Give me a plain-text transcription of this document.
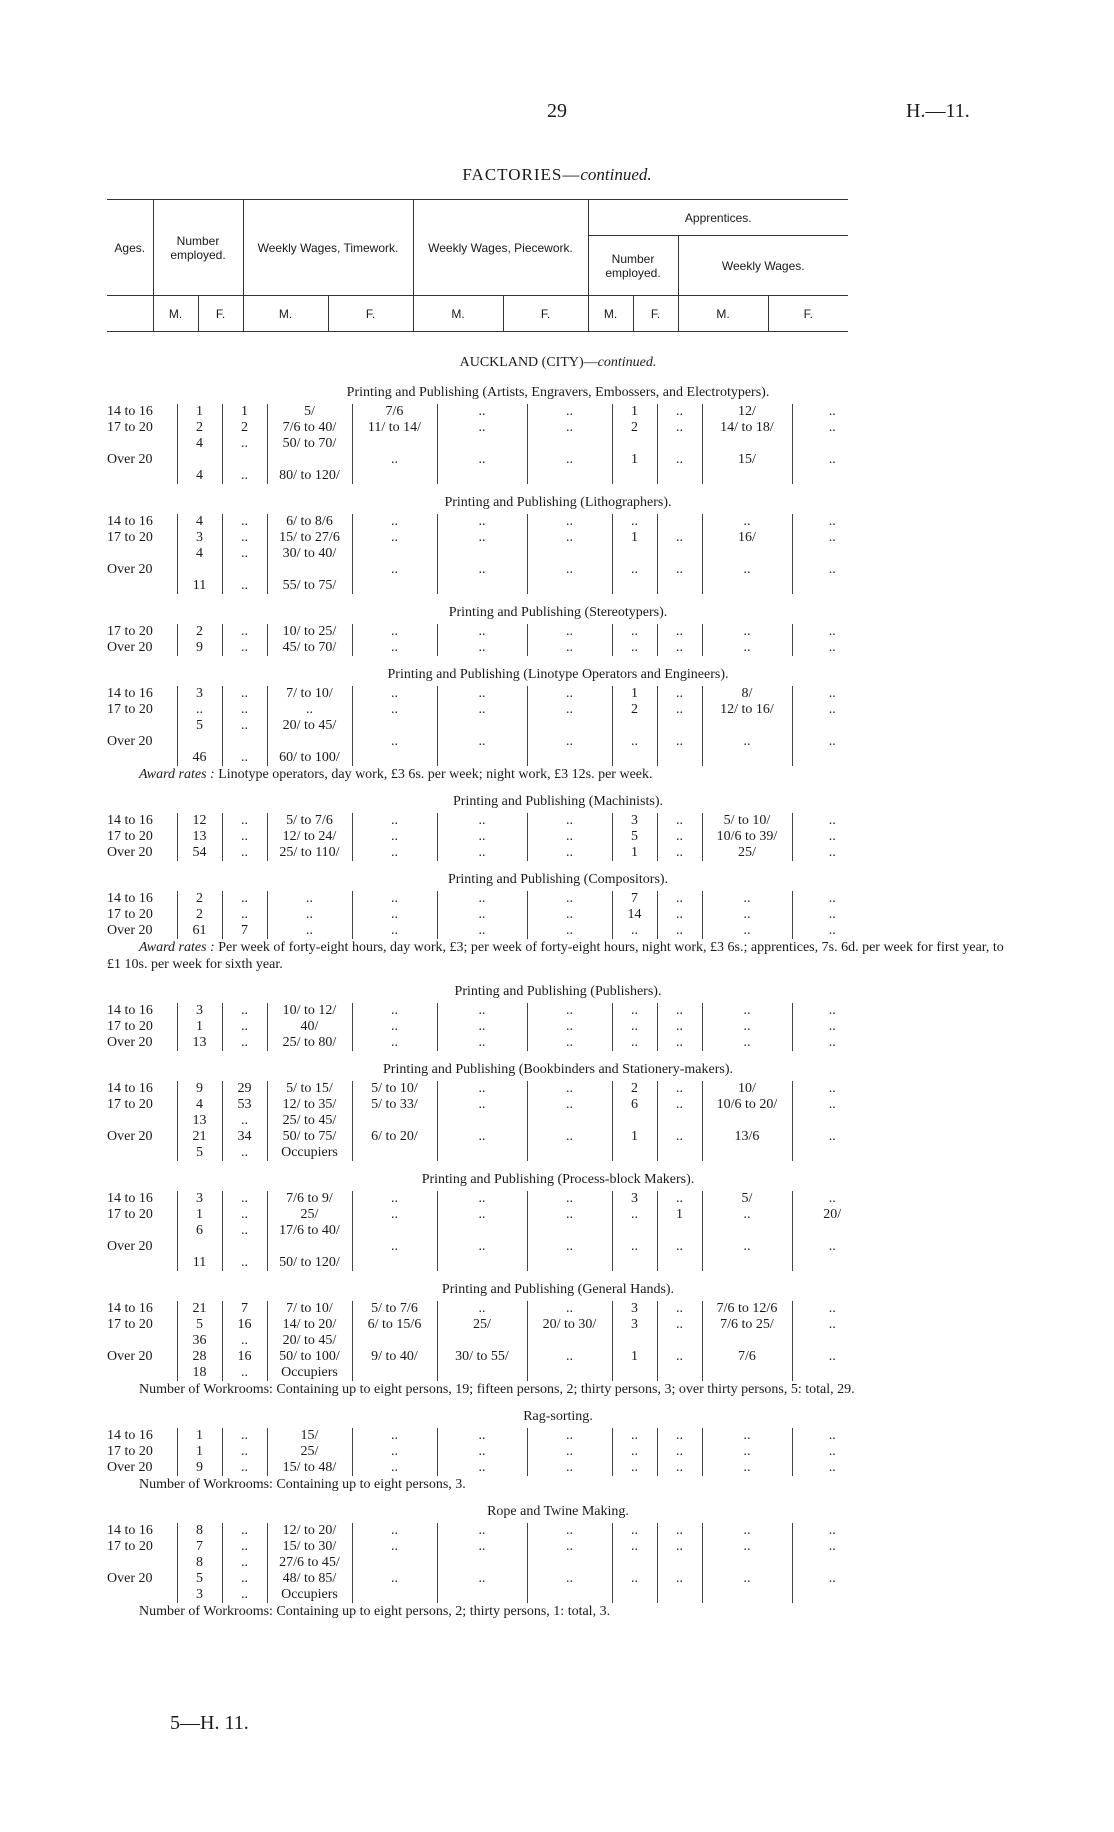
29	H.—11.
FACTORIES—continued.
Ages.	Number employed.		Weekly Wages, Timework.		Weekly Wages, Piecework.		Apprentices.			
							Number employed.		Weekly Wages.	
	M.	F.	M.	F.	M.	F.	M.	F.	M.	F.
AUCKLAND (CITY)—continued.
Printing and Publishing (Artists, Engravers, Embossers, and Electrotypers).
14 to 16	1	1	5/	7/6	..	..	1	..	12/	..
17 to 20	2	2	7/6 to 40/	11/ to 14/	..	..	2	..	14/ to 18/	..
	4	..	50/ to 70/							
Over 20				..	..	..	1	..	15/	..
	4	..	80/ to 120/							
Printing and Publishing (Lithographers).
14 to 16	4	..	6/ to 8/6	..	..	..	..		..	..
17 to 20	3	..	15/ to 27/6	..	..	..	1	..	16/	..
	4	..	30/ to 40/							
Over 20				..	..	..	..	..	..	..
	11	..	55/ to 75/							
Printing and Publishing (Stereotypers).
17 to 20	2	..	10/ to 25/	..	..	..	..	..	..	..
Over 20	9	..	45/ to 70/	..	..	..	..	..	..	..
Printing and Publishing (Linotype Operators and Engineers).
14 to 16	3	..	7/ to 10/	..	..	..	1	..	8/	..
17 to 20	..	..	..	..	..	..	2	..	12/ to 16/	..
	5	..	20/ to 45/							
Over 20				..	..	..	..	..	..	..
	46	..	60/ to 100/							
Award rates : Linotype operators, day work, £3 6s. per week; night work, £3 12s. per week.
Printing and Publishing (Machinists).
14 to 16	12	..	5/ to 7/6	..	..	..	3	..	5/ to 10/	..
17 to 20	13	..	12/ to 24/	..	..	..	5	..	10/6 to 39/	..
Over 20	54	..	25/ to 110/	..	..	..	1	..	25/	..
Printing and Publishing (Compositors).
14 to 16	2	..	..	..	..	..	7	..	..	..
17 to 20	2	..	..	..	..	..	14	..	..	..
Over 20	61	7	..	..	..	..	..	..	..	..
Award rates : Per week of forty-eight hours, day work, £3; per week of forty-eight hours, night work, £3 6s.; apprentices, 7s. 6d. per week for first year, to £1 10s. per week for sixth year.
Printing and Publishing (Publishers).
14 to 16	3	..	10/ to 12/	..	..	..	..	..	..	..
17 to 20	1	..	40/	..	..	..	..	..	..	..
Over 20	13	..	25/ to 80/	..	..	..	..	..	..	..
Printing and Publishing (Bookbinders and Stationery-makers).
14 to 16	9	29	5/ to 15/	5/ to 10/	..	..	2	..	10/	..
17 to 20	4	53	12/ to 35/	5/ to 33/	..	..	6	..	10/6 to 20/	..
	13	..	25/ to 45/							
Over 20	21	34	50/ to 75/	6/ to 20/	..	..	1	..	13/6	..
	5	..	Occupiers							
Printing and Publishing (Process-block Makers).
14 to 16	3	..	7/6 to 9/	..	..	..	3	..	5/	..
17 to 20	1	..	25/	..	..	..	..	1	..	20/
	6	..	17/6 to 40/							
Over 20				..	..	..	..	..	..	..
	11	..	50/ to 120/							
Printing and Publishing (General Hands).
14 to 16	21	7	7/ to 10/	5/ to 7/6	..	..	3	..	7/6 to 12/6	..
17 to 20	5	16	14/ to 20/	6/ to 15/6	25/	20/ to 30/	3	..	7/6 to 25/	..
	36	..	20/ to 45/							
Over 20	28	16	50/ to 100/	9/ to 40/	30/ to 55/	..	1	..	7/6	..
	18	..	Occupiers							
Number of Workrooms: Containing up to eight persons, 19; fifteen persons, 2; thirty persons, 3; over thirty persons, 5: total, 29.
Rag-sorting.
14 to 16	1	..	15/	..	..	..	..	..	..	..
17 to 20	1	..	25/	..	..	..	..	..	..	..
Over 20	9	..	15/ to 48/	..	..	..	..	..	..	..
Number of Workrooms: Containing up to eight persons, 3.
Rope and Twine Making.
14 to 16	8	..	12/ to 20/	..	..	..	..	..	..	..
17 to 20	7	..	15/ to 30/	..	..	..	..	..	..	..
	8	..	27/6 to 45/							
Over 20	5	..	48/ to 85/	..	..	..	..	..	..	..
	3	..	Occupiers							
Number of Workrooms: Containing up to eight persons, 2; thirty persons, 1: total, 3.
5—H. 11.
